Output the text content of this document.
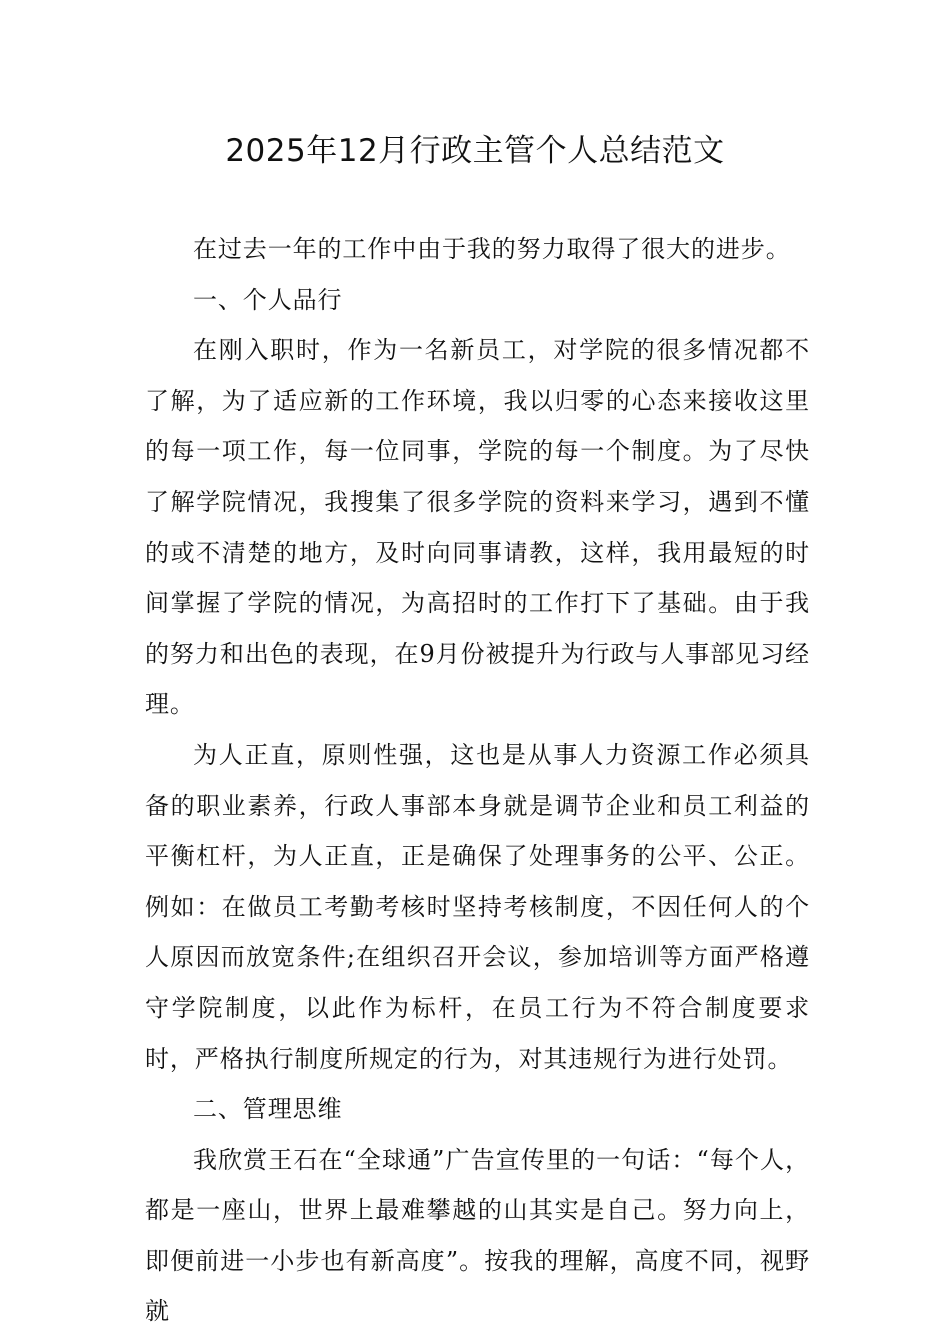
2025年12月行政主管个人总结范文

在过去一年的工作中由于我的努力取得了很大的进步。

一、个人品行

在刚入职时，作为一名新员工，对学院的很多情况都不了解，为了适应新的工作环境，我以归零的心态来接收这里的每一项工作，每一位同事，学院的每一个制度。为了尽快了解学院情况，我搜集了很多学院的资料来学习，遇到不懂的或不清楚的地方，及时向同事请教，这样，我用最短的时间掌握了学院的情况，为高招时的工作打下了基础。由于我的努力和出色的表现，在9月份被提升为行政与人事部见习经理。

为人正直，原则性强，这也是从事人力资源工作必须具备的职业素养，行政人事部本身就是调节企业和员工利益的平衡杠杆，为人正直，正是确保了处理事务的公平、公正。例如：在做员工考勤考核时坚持考核制度，不因任何人的个人原因而放宽条件;在组织召开会议，参加培训等方面严格遵守学院制度，以此作为标杆，在员工行为不符合制度要求时，严格执行制度所规定的行为，对其违规行为进行处罚。

二、管理思维

我欣赏王石在“全球通”广告宣传里的一句话：“每个人，都是一座山，世界上最难攀越的山其实是自己。努力向上，即便前进一小步也有新高度”。按我的理解，高度不同，视野就
